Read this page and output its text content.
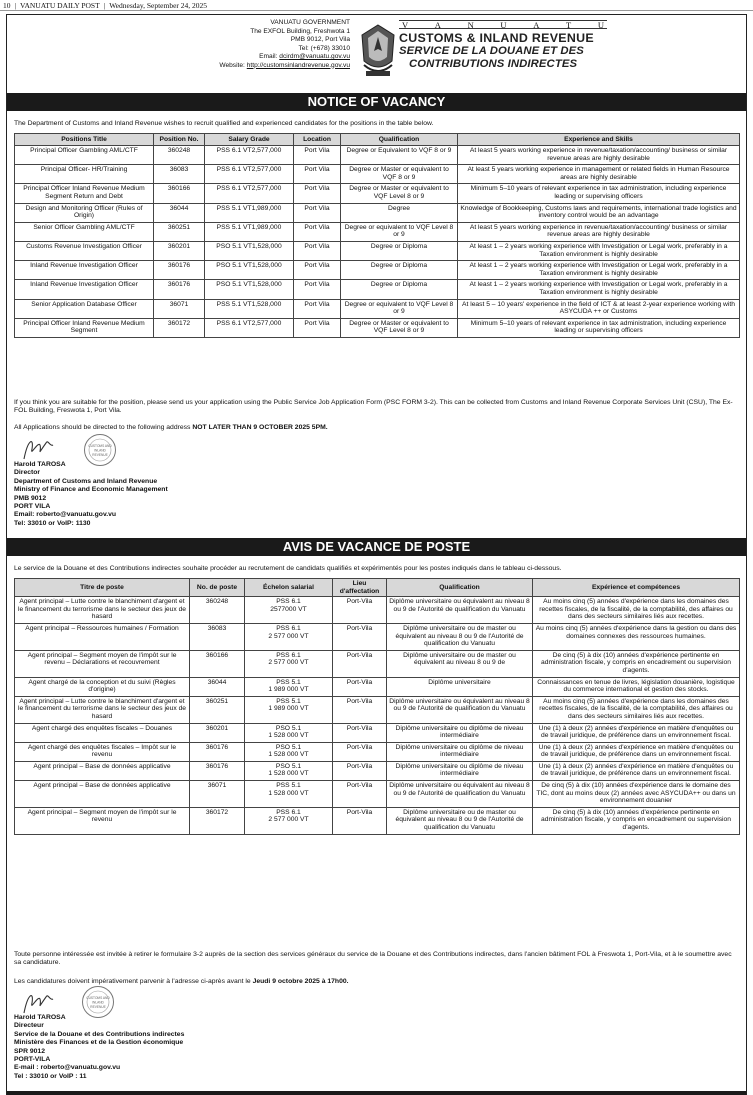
10 | VANUATU DAILY POST | Wednesday, September 24, 2025
VANUATU GOVERNMENT
The EXFOL Building, Freshwota 1
PMB 9012, Port Vila
Tel: (+678) 33010
Email: dcirdm@vanuatu.gov.vu
Website: http://customsinlandrevenue.gov.vu
V	A	N	U	A	T	U
CUSTOMS & INLAND REVENUE
SERVICE DE LA DOUANE ET DES
CONTRIBUTIONS INDIRECTES
NOTICE OF VACANCY
The Department of Customs and Inland Revenue wishes to recruit qualified and experienced candidates for the positions in the table below.
Positions Title	Position No.	Salary Grade	Location	Qualification	Experience and Skills
Principal Officer Gambling AML/CTF	360248	PSS 6.1 VT2,577,000	Port Vila	Degree or Equivalent to VQF 8 or 9	At least 5 years working experience in revenue/taxation/accounting/ business or similar revenue areas are highly desirable
Principal Officer- HR/Training	36083	PSS 6.1 VT2,577,000	Port Vila	Degree or Master or equivalent to VQF 8 or 9	At least 5 years working experience in management or related fields in Human Resource areas are highly desirable
Principal Officer Inland Revenue Medium Segment Return and Debt	360166	PSS 6.1 VT2,577,000	Port Vila	Degree or Master or equivalent to VQF Level 8 or 9	Minimum 5–10 years of relevant experience in tax administration, including experience leading or supervising officers
Design and Monitoring Officer (Rules of Origin)	36044	PSS 5.1 VT1,989,000	Port Vila	Degree	Knowledge of Bookkeeping, Customs laws and requirements, international trade logistics and inventory control would be an advantage
Senior Officer Gambling AML/CTF	360251	PSS 5.1 VT1,989,000	Port Vila	Degree or equivalent to VQF Level 8 or 9	At least 5 years working experience in revenue/taxation/accounting/ business or similar revenue areas are highly desirable
Customs Revenue Investigation Officer	360201	PSO 5.1 VT1,528,000	Port Vila	Degree or Diploma	At least 1 – 2 years working experience with Investigation or Legal work, preferably in a Taxation environment is highly desirable
Inland Revenue Investigation Officer	360176	PSO 5.1 VT1,528,000	Port Vila	Degree or Diploma	At least 1 – 2 years working experience with Investigation or Legal work, preferably in a Taxation environment is highly desirable
Inland Revenue Investigation Officer	360176	PSO 5.1 VT1,528,000	Port Vila	Degree or Diploma	At least 1 – 2 years working experience with Investigation or Legal work, preferably in a Taxation environment is highly desirable
Senior Application Database Officer	36071	PSS 5.1 VT1,528,000	Port Vila	Degree or equivalent to VQF Level 8 or 9	At least 5 – 10 years' experience in the field of ICT & at least 2-year experience working with ASYCUDA ++ or Customs
Principal Officer Inland Revenue Medium Segment	360172	PSS 6.1 VT2,577,000	Port Vila	Degree or Master or equivalent to VQF Level 8 or 9	Minimum 5–10 years of relevant experience in tax administration, including experience leading or supervising officers
If you think you are suitable for the position, please send us your application using the Public Service Job Application Form (PSC FORM 3-2). This can be collected from Customs and Inland Revenue Corporate Services Unit (CSU), The Ex-FOL Building, Freswota 1, Port Vila.
All Applications should be directed to the following address NOT LATER THAN 9 OCTOBER 2025 5PM.
CUSTOMS AND
INLAND
REVENUE
Harold TAROSA
Director
Department of Customs and Inland Revenue
Ministry of Finance and Economic Management
PMB 9012
PORT VILA
Email: roberto@vanuatu.gov.vu
Tel: 33010 or VoIP: 1130
AVIS DE VACANCE DE POSTE
Le service de la Douane et des Contributions indirectes souhaite procéder au recrutement de candidats qualifiés et expérimentés pour les postes indiqués dans le tableau ci-dessous.
Titre de poste	No. de poste	Échelon salarial	Lieu d'affectation	Qualification	Expérience et compétences
Agent principal – Lutte contre le blanchiment d'argent et le financement du terrorisme dans le secteur des jeux de hasard	360248	PSS 6.1
2577000 VT	Port-Vila	Diplôme universitaire ou équivalent au niveau 8 ou 9 de l'Autorité de qualification du Vanuatu	Au moins cinq (5) années d'expérience dans les domaines des recettes fiscales, de la fiscalité, de la comptabilité, des affaires ou dans des secteurs similaires liés aux recettes.
Agent principal – Ressources humaines / Formation	36083	PSS 6.1
2 577 000 VT	Port-Vila	Diplôme universitaire ou de master ou équivalent au niveau 8 ou 9 de l'Autorité de qualification du Vanuatu	Au moins cinq (5) années d'expérience dans la gestion ou dans des domaines connexes des ressources humaines.
Agent principal – Segment moyen de l'impôt sur le revenu – Déclarations et recouvrement	360166	PSS 6.1
2 577 000 VT	Port-Vila	Diplôme universitaire ou de master ou équivalent au niveau 8 ou 9 de	De cinq (5) à dix (10) années d'expérience pertinente en administration fiscale, y compris en encadrement ou supervision d'agents.
Agent chargé de la conception et du suivi (Règles d'origine)	36044	PSS 5.1
1 989 000 VT	Port-Vila	Diplôme universitaire	Connaissances en tenue de livres, législation douanière, logistique du commerce international et gestion des stocks.
Agent principal – Lutte contre le blanchiment d'argent et le financement du terrorisme dans le secteur des jeux de hasard	360251	PSS 5.1
1 989 000 VT	Port-Vila	Diplôme universitaire ou équivalent au niveau 8 ou 9 de l'Autorité de qualification du Vanuatu	Au moins cinq (5) années d'expérience dans les domaines des recettes fiscales, de la fiscalité, de la comptabilité, des affaires ou dans des secteurs similaires liés aux recettes.
Agent chargé des enquêtes fiscales – Douanes	360201	PSO 5.1
1 528 000 VT	Port-Vila	Diplôme universitaire ou diplôme de niveau intermédiaire	Une (1) à deux (2) années d'expérience en matière d'enquêtes ou de travail juridique, de préférence dans un environnement fiscal.
Agent chargé des enquêtes fiscales – Impôt sur le revenu	360176	PSO 5.1
1 528 000 VT	Port-Vila	Diplôme universitaire ou diplôme de niveau intermédiaire	Une (1) à deux (2) années d'expérience en matière d'enquêtes ou de travail juridique, de préférence dans un environnement fiscal.
Agent principal – Base de données applicative	360176	PSO 5.1
1 528 000 VT	Port-Vila	Diplôme universitaire ou diplôme de niveau intermédiaire	Une (1) à deux (2) années d'expérience en matière d'enquêtes ou de travail juridique, de préférence dans un environnement fiscal.
Agent principal – Base de données applicative	36071	PSS 5.1
1 528 000 VT	Port-Vila	Diplôme universitaire ou équivalent au niveau 8 ou 9 de l'Autorité de qualification du Vanuatu	De cinq (5) à dix (10) années d'expérience dans le domaine des TIC, dont au moins deux (2) années avec ASYCUDA++ ou dans un environnement douanier
Agent principal – Segment moyen de l'impôt sur le revenu	360172	PSS 6.1
2 577 000 VT	Port-Vila	Diplôme universitaire ou de master ou équivalent au niveau 8 ou 9 de l'Autorité de qualification du Vanuatu	De cinq (5) à dix (10) années d'expérience pertinente en administration fiscale, y compris en encadrement ou supervision d'agents.
Toute personne intéressée est invitée à retirer le formulaire 3-2 auprès de la section des services généraux du service de la Douane et des Contributions indirectes, dans l'ancien bâtiment FOL à Freswota 1, Port-Vila, et à le soumettre avec sa candidature.
Les candidatures doivent impérativement parvenir à l'adresse ci-après avant le Jeudi 9 octobre 2025 à 17h00.
CUSTOMS AND
INLAND
REVENUE
Harold TAROSA
Directeur
Service de la Douane et des Contributions indirectes
Ministère des Finances et de la Gestion économique
SPR 9012
PORT-VILA
E-mail : roberto@vanuatu.gov.vu
Tel : 33010 or VoIP : 11
